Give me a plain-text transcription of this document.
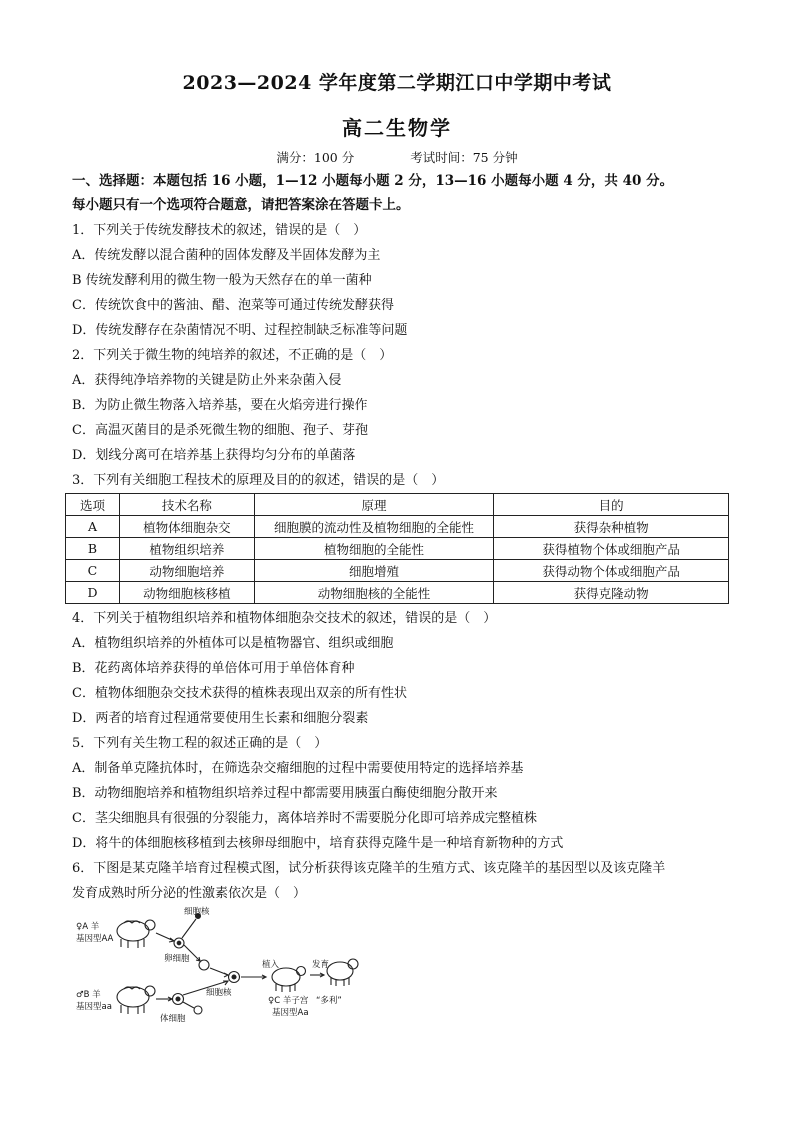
2023—2024 学年度第二学期江口中学期中考试
高二生物学
满分：100 分	考试时间：75 分钟
一、选择题：本题包括 16 小题，1—12 小题每小题 2 分，13—16 小题每小题 4 分，共 40 分。
每小题只有一个选项符合题意，请把答案涂在答题卡上。
1．下列关于传统发酵技术的叙述，错误的是（　）
A．传统发酵以混合菌种的固体发酵及半固体发酵为主
B 传统发酵利用的微生物一般为天然存在的单一菌种
C．传统饮食中的酱油、醋、泡菜等可通过传统发酵获得
D．传统发酵存在杂菌情况不明、过程控制缺乏标准等问题
2．下列关于微生物的纯培养的叙述，不正确的是（　）
A．获得纯净培养物的关键是防止外来杂菌入侵
B．为防止微生物落入培养基，要在火焰旁进行操作
C．高温灭菌目的是杀死微生物的细胞、孢子、芽孢
D．划线分离可在培养基上获得均匀分布的单菌落
3．下列有关细胞工程技术的原理及目的的叙述，错误的是（　）
选项	技术名称	原理	目的
A	植物体细胞杂交	细胞膜的流动性及植物细胞的全能性	获得杂种植物
B	植物组织培养	植物细胞的全能性	获得植物个体或细胞产品
C	动物细胞培养	细胞增殖	获得动物个体或细胞产品
D	动物细胞核移植	动物细胞核的全能性	获得克隆动物
4．下列关于植物组织培养和植物体细胞杂交技术的叙述，错误的是（　）
A．植物组织培养的外植体可以是植物器官、组织或细胞
B．花药离体培养获得的单倍体可用于单倍体育种
C．植物体细胞杂交技术获得的植株表现出双亲的所有性状
D．两者的培育过程通常要使用生长素和细胞分裂素
5．下列有关生物工程的叙述正确的是（　）
A．制备单克隆抗体时，在筛选杂交瘤细胞的过程中需要使用特定的选择培养基
B．动物细胞培养和植物组织培养过程中都需要用胰蛋白酶使细胞分散开来
C．茎尖细胞具有很强的分裂能力，离体培养时不需要脱分化即可培养成完整植株
D．将牛的体细胞核移植到去核卵母细胞中，培育获得克隆牛是一种培育新物种的方式
6．下图是某克隆羊培育过程模式图，试分析获得该克隆羊的生殖方式、该克隆羊的基因型以及该克隆羊
发育成熟时所分泌的性激素依次是（　）
♀A 羊
基因型AA
细胞核
卵细胞
植入	发育
细胞核
♀C 羊子宫 “多利”
基因型Aa
♂B 羊
基因型aa
体细胞
